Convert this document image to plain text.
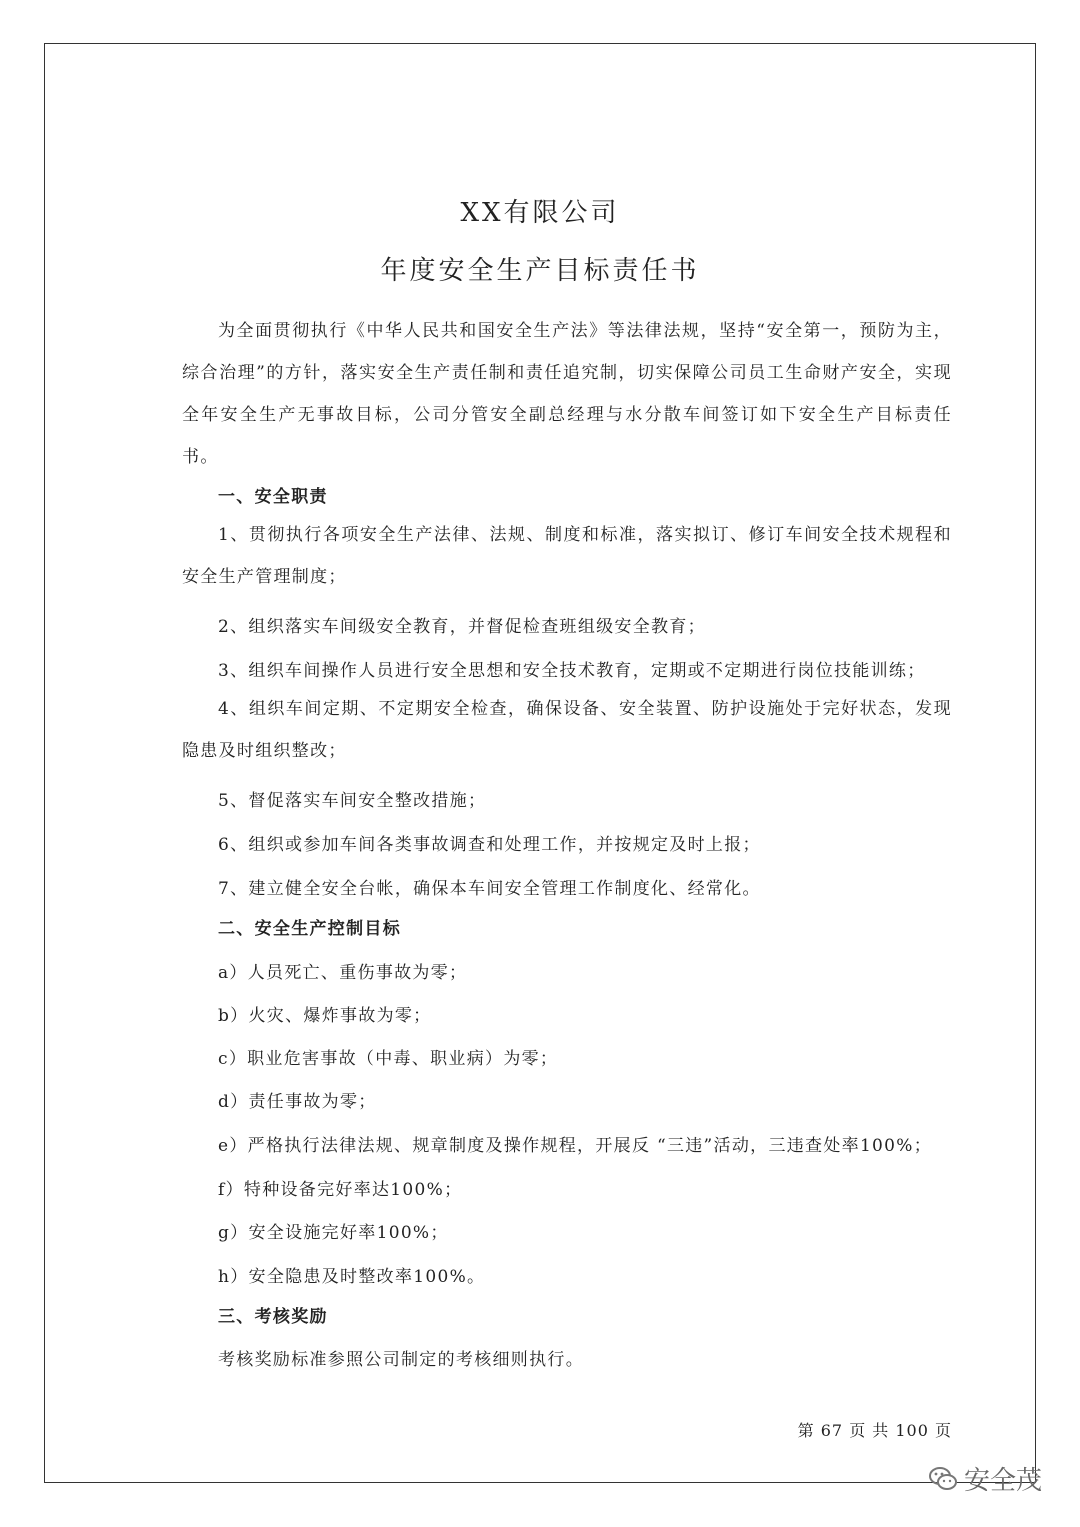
XX有限公司
年度安全生产目标责任书
为全面贯彻执行《中华人民共和国安全生产法》等法律法规，坚持“安全第一，预防为主，综合治理”的方针，落实安全生产责任制和责任追究制，切实保障公司员工生命财产安全，实现全年安全生产无事故目标，公司分管安全副总经理与水分散车间签订如下安全生产目标责任书。
一、安全职责
1、贯彻执行各项安全生产法律、法规、制度和标准，落实拟订、修订车间安全技术规程和安全生产管理制度；
2、组织落实车间级安全教育，并督促检查班组级安全教育；
3、组织车间操作人员进行安全思想和安全技术教育，定期或不定期进行岗位技能训练；
4、组织车间定期、不定期安全检查，确保设备、安全装置、防护设施处于完好状态，发现隐患及时组织整改；
5、督促落实车间安全整改措施；
6、组织或参加车间各类事故调查和处理工作，并按规定及时上报；
7、建立健全安全台帐，确保本车间安全管理工作制度化、经常化。
二、安全生产控制目标
a）人员死亡、重伤事故为零；
b）火灾、爆炸事故为零；
c）职业危害事故（中毒、职业病）为零；
d）责任事故为零；
e）严格执行法律法规、规章制度及操作规程，开展反 “三违”活动，三违查处率100%；
f）特种设备完好率达100%；
g）安全设施完好率100%；
h）安全隐患及时整改率100%。
三、考核奖励
考核奖励标准参照公司制定的考核细则执行。
第 67 页 共 100 页
安全茂
